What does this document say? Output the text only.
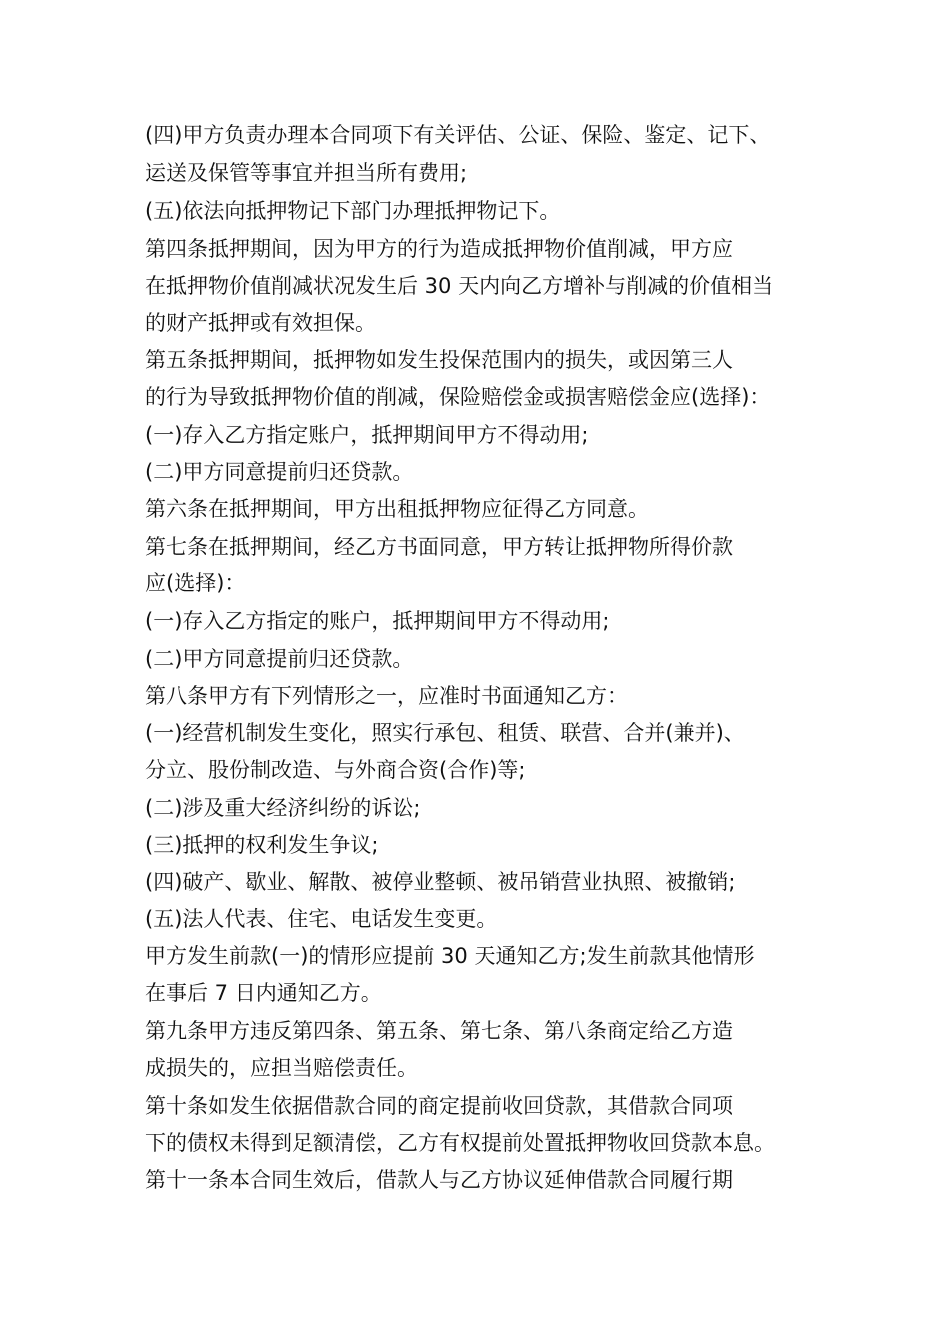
(四)甲方负责办理本合同项下有关评估、公证、保险、鉴定、记下、
运送及保管等事宜并担当所有费用;
(五)依法向抵押物记下部门办理抵押物记下。
第四条抵押期间，因为甲方的行为造成抵押物价值削减，甲方应
在抵押物价值削减状况发生后 30 天内向乙方增补与削减的价值相当
的财产抵押或有效担保。
第五条抵押期间，抵押物如发生投保范围内的损失，或因第三人
的行为导致抵押物价值的削减，保险赔偿金或损害赔偿金应(选择)：
(一)存入乙方指定账户，抵押期间甲方不得动用;
(二)甲方同意提前归还贷款。
第六条在抵押期间，甲方出租抵押物应征得乙方同意。
第七条在抵押期间，经乙方书面同意，甲方转让抵押物所得价款
应(选择)：
(一)存入乙方指定的账户，抵押期间甲方不得动用;
(二)甲方同意提前归还贷款。
第八条甲方有下列情形之一，应准时书面通知乙方：
(一)经营机制发生变化，照实行承包、租赁、联营、合并(兼并)、
分立、股份制改造、与外商合资(合作)等;
(二)涉及重大经济纠纷的诉讼;
(三)抵押的权利发生争议;
(四)破产、歇业、解散、被停业整顿、被吊销营业执照、被撤销;
(五)法人代表、住宅、电话发生变更。
甲方发生前款(一)的情形应提前 30 天通知乙方;发生前款其他情形
在事后 7 日内通知乙方。
第九条甲方违反第四条、第五条、第七条、第八条商定给乙方造
成损失的，应担当赔偿责任。
第十条如发生依据借款合同的商定提前收回贷款，其借款合同项
下的债权未得到足额清偿，乙方有权提前处置抵押物收回贷款本息。
第十一条本合同生效后，借款人与乙方协议延伸借款合同履行期
